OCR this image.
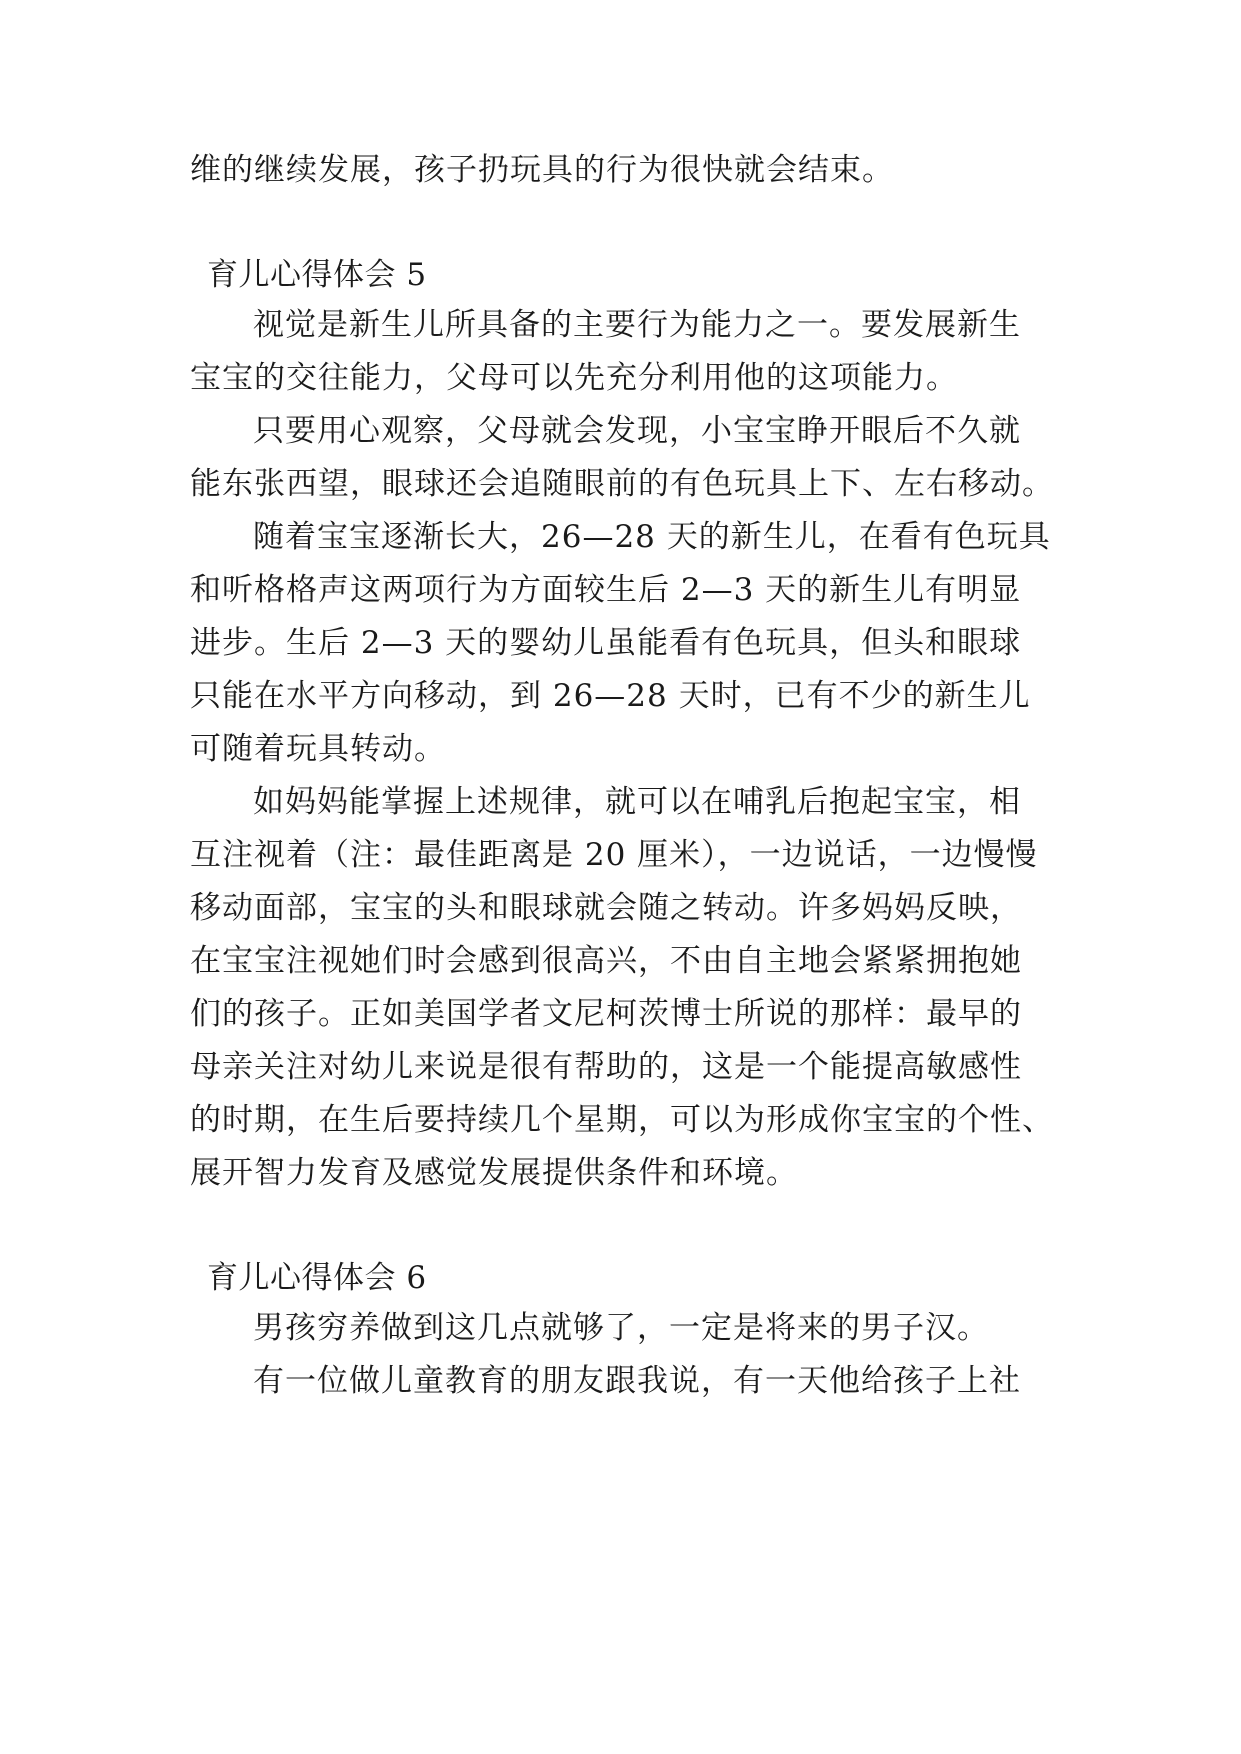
维的继续发展，孩子扔玩具的行为很快就会结束。
育儿心得体会 5
视觉是新生儿所具备的主要行为能力之一。要发展新生
宝宝的交往能力，父母可以先充分利用他的这项能力。
只要用心观察，父母就会发现，小宝宝睁开眼后不久就
能东张西望，眼球还会追随眼前的有色玩具上下、左右移动。
随着宝宝逐渐长大，26—28 天的新生儿，在看有色玩具
和听格格声这两项行为方面较生后 2—3 天的新生儿有明显
进步。生后 2—3 天的婴幼儿虽能看有色玩具，但头和眼球
只能在水平方向移动，到 26—28 天时，已有不少的新生儿
可随着玩具转动。
如妈妈能掌握上述规律，就可以在哺乳后抱起宝宝，相
互注视着（注：最佳距离是 20 厘米），一边说话，一边慢慢
移动面部，宝宝的头和眼球就会随之转动。许多妈妈反映，
在宝宝注视她们时会感到很高兴，不由自主地会紧紧拥抱她
们的孩子。正如美国学者文尼柯茨博士所说的那样：最早的
母亲关注对幼儿来说是很有帮助的，这是一个能提高敏感性
的时期，在生后要持续几个星期，可以为形成你宝宝的个性、
展开智力发育及感觉发展提供条件和环境。
育儿心得体会 6
男孩穷养做到这几点就够了，一定是将来的男子汉。
有一位做儿童教育的朋友跟我说，有一天他给孩子上社
